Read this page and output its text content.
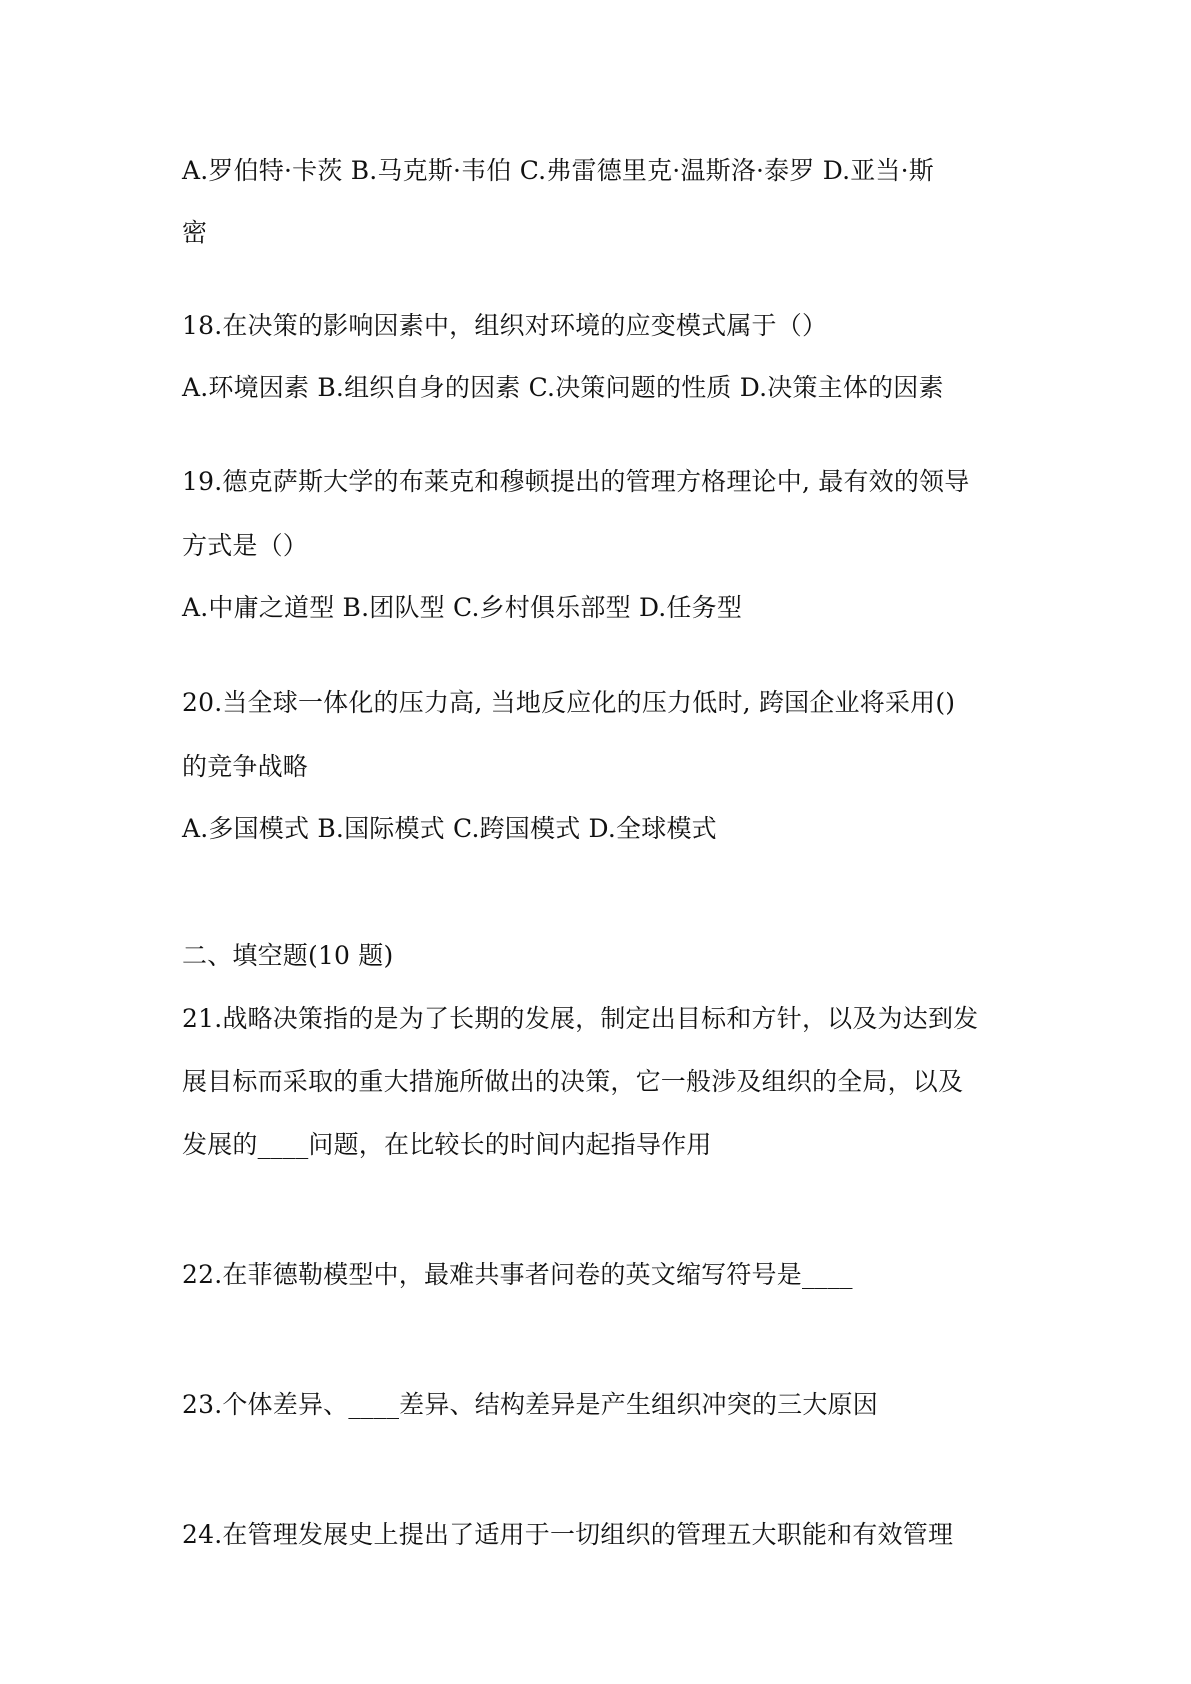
A.罗伯特·卡茨 B.马克斯·韦伯 C.弗雷德里克·温斯洛·泰罗 D.亚当·斯
密
18.在决策的影响因素中，组织对环境的应变模式属于（）
A.环境因素 B.组织自身的因素 C.决策问题的性质 D.决策主体的因素
19.德克萨斯大学的布莱克和穆顿提出的管理方格理论中, 最有效的领导
方式是（）
A.中庸之道型 B.团队型 C.乡村俱乐部型 D.任务型
20.当全球一体化的压力高, 当地反应化的压力低时, 跨国企业将采用()
的竞争战略
A.多国模式 B.国际模式 C.跨国模式 D.全球模式
二、填空题(10 题)
21.战略决策指的是为了长期的发展，制定出目标和方针，以及为达到发
展目标而采取的重大措施所做出的决策，它一般涉及组织的全局，以及
发展的____问题，在比较长的时间内起指导作用
22.在菲德勒模型中，最难共事者问卷的英文缩写符号是____
23.个体差异、____差异、结构差异是产生组织冲突的三大原因
24.在管理发展史上提出了适用于一切组织的管理五大职能和有效管理
